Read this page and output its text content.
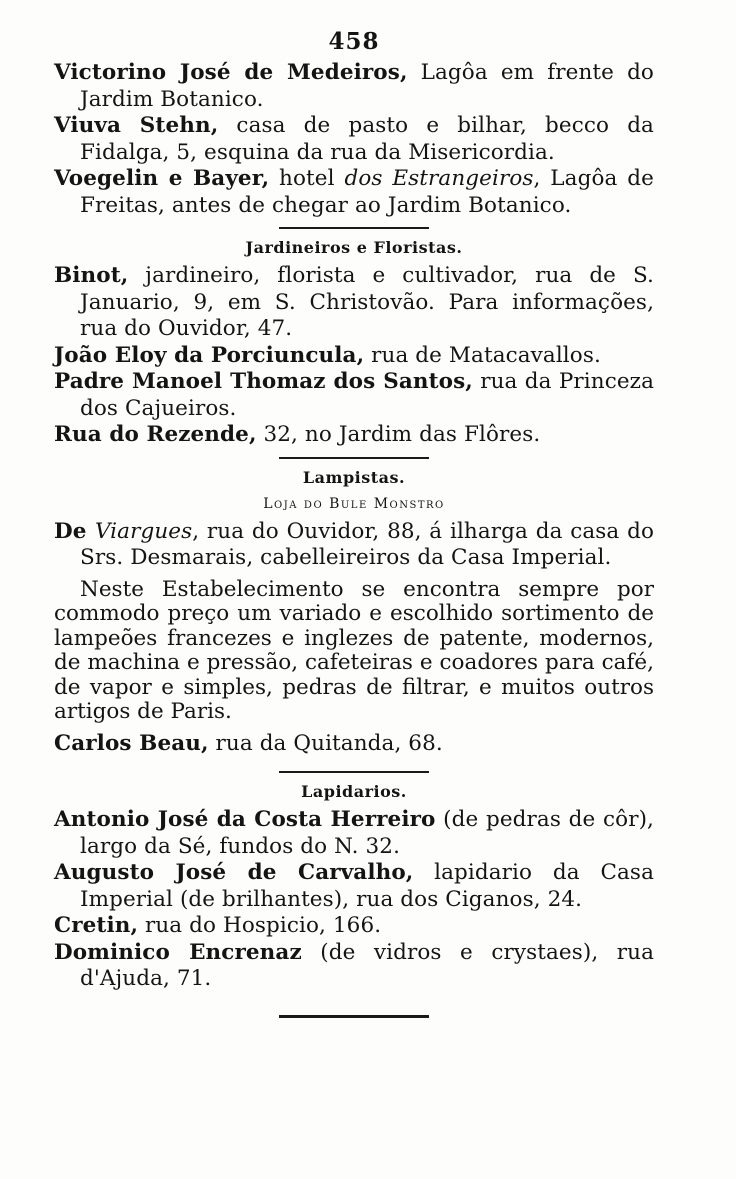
458

Victorino José de Medeiros, Lagôa em frente do Jardim Botanico.

Viuva Stehn, casa de pasto e bilhar, becco da Fidalga, 5, esquina da rua da Misericordia.

Voegelin e Bayer, hotel dos Estrangeiros, Lagôa de Freitas, antes de chegar ao Jardim Botanico.

Jardineiros e Floristas.

Binot, jardineiro, florista e cultivador, rua de S. Januario, 9, em S. Christovão. Para informações, rua do Ouvidor, 47.

João Eloy da Porciuncula, rua de Matacavallos.

Padre Manoel Thomaz dos Santos, rua da Princeza dos Cajueiros.

Rua do Rezende, 32, no Jardim das Flôres.

Lampistas.
Loja do Bule Monstro

De Viargues, rua do Ouvidor, 88, á ilharga da casa do Srs. Desmarais, cabelleireiros da Casa Imperial.

Neste Estabelecimento se encontra sempre por commodo preço um variado e escolhido sortimento de lampeões francezes e inglezes de patente, modernos, de machina e pressão, cafeteiras e coadores para café, de vapor e simples, pedras de filtrar, e muitos outros artigos de Paris.

Carlos Beau, rua da Quitanda, 68.

Lapidarios.

Antonio José da Costa Herreiro (de pedras de côr), largo da Sé, fundos do N. 32.

Augusto José de Carvalho, lapidario da Casa Imperial (de brilhantes), rua dos Ciganos, 24.

Cretin, rua do Hospicio, 166.

Dominico Encrenaz (de vidros e crystaes), rua d'Ajuda, 71.
